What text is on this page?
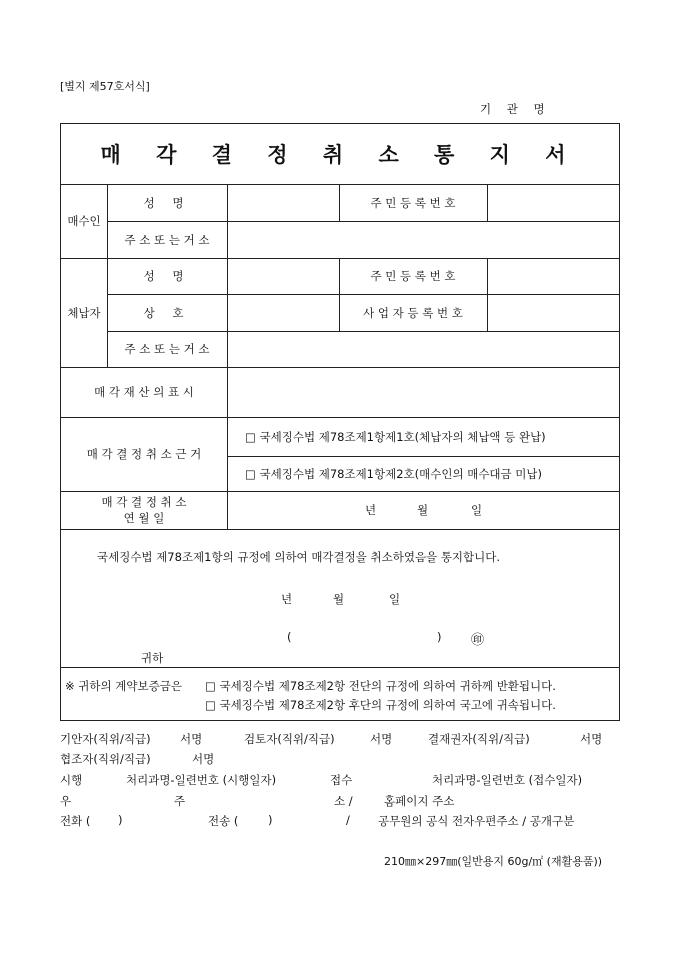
[별지 제57호서식]
기 관 명
매 각 결 정 취 소 통 지 서
매수인
성 명	주 민 등 록 번 호
주 소 또 는 거 소
체납자
성 명	주 민 등 록 번 호
상 호	사 업 자 등 록 번 호
주 소 또 는 거 소
매 각 재 산 의 표 시
매 각 결 정 취 소 근 거
□ 국세징수법 제78조제1항제1호(체납자의 체납액 등 완납)
□ 국세징수법 제78조제1항제2호(매수인의 매수대금 미납)
매 각 결 정 취 소
연 월 일
년	월	일
국세징수법 제78조제1항의 규정에 의하여 매각결정을 취소하였음을 통지합니다.
년	월	일
(	) ㊞
귀하
※ 귀하의 계약보증금은 □ 국세징수법 제78조제2항 전단의 규정에 의하여 귀하께 반환됩니다.
□ 국세징수법 제78조제2항 후단의 규정에 의하여 국고에 귀속됩니다.
기안자(직위/직급)	서명	검토자(직위/직급)	서명	결재권자(직위/직급)	서명
협조자(직위/직급)	서명
시행	처리과명-일련번호 (시행일자)	접수	처리과명-일련번호 (접수일자)
우	주	소 /	홈페이지 주소
전화 ( )	전송 (	)	/ 공무원의 공식 전자우편주소 / 공개구분
210㎜×297㎜(일반용지 60g/㎡ (재활용품))
